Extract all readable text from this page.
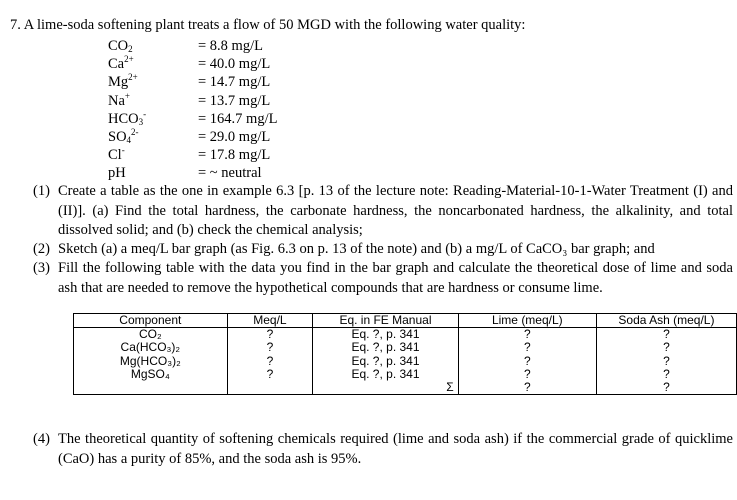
7. A lime-soda softening plant treats a flow of 50 MGD with the following water quality:
$CO_2$	= 8.8 mg/L
$Ca^{2+}$	= 40.0 mg/L
$Mg^{2+}$	= 14.7 mg/L
Na+	= 13.7 mg/L
$HCO_3^-$	= 164.7 mg/L
$SO_4^{2-}$	= 29.0 mg/L
Cl-	= 17.8 mg/L
pH	= ~ neutral
(1) Create a table as the one in example 6.3 [p. 13 of the lecture note: Reading-Material-10-1-Water Treatment (I) and (II)]. (a) Find the total hardness, the carbonate hardness, the noncarbonated hardness, the alkalinity, and total dissolved solid; and (b) check the chemical analysis;
(2) Sketch (a) a meq/L bar graph (as Fig. 6.3 on p. 13 of the note) and (b) a mg/L of CaCO₃ bar graph; and
(3) Fill the following table with the data you find in the bar graph and calculate the theoretical dose of lime and soda ash that are needed to remove the hypothetical compounds that are hardness or consume lime.
Component	Meq/L	Eq. in FE Manual	Lime (meq/L)	Soda Ash (meq/L)
CO₂	?	Eq. ?, p. 341	?	?
Ca(HCO₃)₂	?	Eq. ?, p. 341	?	?
Mg(HCO₃)₂	?	Eq. ?, p. 341	?	?
MgSO₄	?	Eq. ?, p. 341	?	?
		Σ	?	?
(4) The theoretical quantity of softening chemicals required (lime and soda ash) if the commercial grade of quicklime (CaO) has a purity of 85%, and the soda ash is 95%.
